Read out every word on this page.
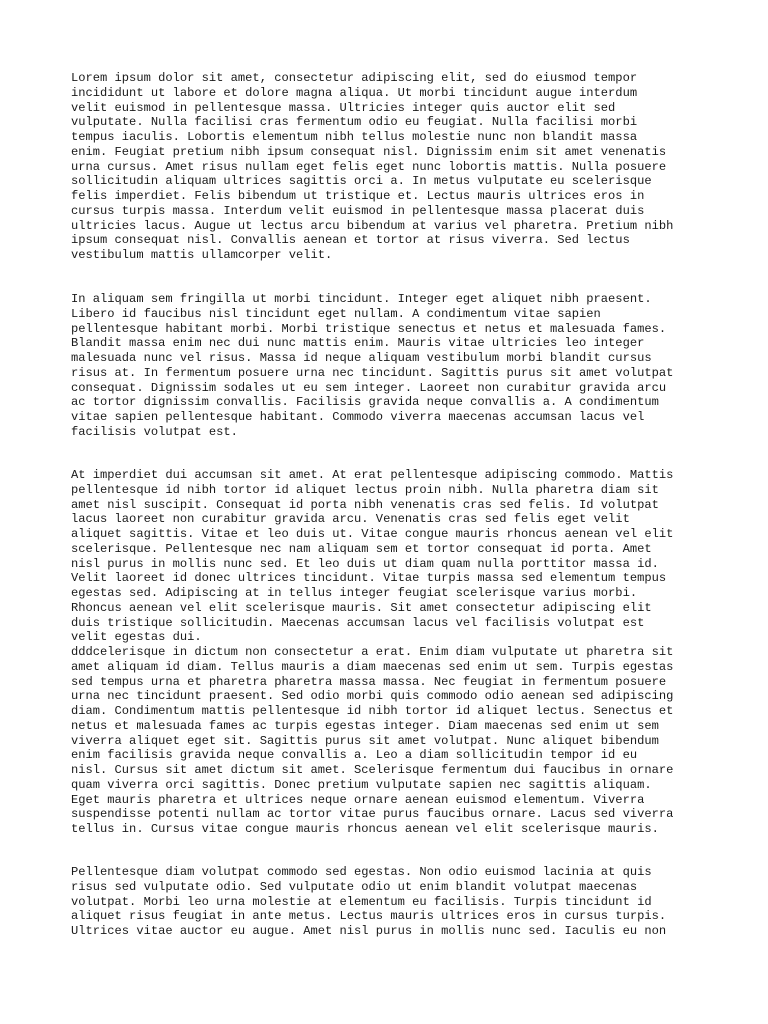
Lorem ipsum dolor sit amet, consectetur adipiscing elit, sed do eiusmod tempor
incididunt ut labore et dolore magna aliqua. Ut morbi tincidunt augue interdum
velit euismod in pellentesque massa. Ultricies integer quis auctor elit sed
vulputate. Nulla facilisi cras fermentum odio eu feugiat. Nulla facilisi morbi
tempus iaculis. Lobortis elementum nibh tellus molestie nunc non blandit massa
enim. Feugiat pretium nibh ipsum consequat nisl. Dignissim enim sit amet venenatis
urna cursus. Amet risus nullam eget felis eget nunc lobortis mattis. Nulla posuere
sollicitudin aliquam ultrices sagittis orci a. In metus vulputate eu scelerisque
felis imperdiet. Felis bibendum ut tristique et. Lectus mauris ultrices eros in
cursus turpis massa. Interdum velit euismod in pellentesque massa placerat duis
ultricies lacus. Augue ut lectus arcu bibendum at varius vel pharetra. Pretium nibh
ipsum consequat nisl. Convallis aenean et tortor at risus viverra. Sed lectus
vestibulum mattis ullamcorper velit.

In aliquam sem fringilla ut morbi tincidunt. Integer eget aliquet nibh praesent.
Libero id faucibus nisl tincidunt eget nullam. A condimentum vitae sapien
pellentesque habitant morbi. Morbi tristique senectus et netus et malesuada fames.
Blandit massa enim nec dui nunc mattis enim. Mauris vitae ultricies leo integer
malesuada nunc vel risus. Massa id neque aliquam vestibulum morbi blandit cursus
risus at. In fermentum posuere urna nec tincidunt. Sagittis purus sit amet volutpat
consequat. Dignissim sodales ut eu sem integer. Laoreet non curabitur gravida arcu
ac tortor dignissim convallis. Facilisis gravida neque convallis a. A condimentum
vitae sapien pellentesque habitant. Commodo viverra maecenas accumsan lacus vel
facilisis volutpat est.

At imperdiet dui accumsan sit amet. At erat pellentesque adipiscing commodo. Mattis
pellentesque id nibh tortor id aliquet lectus proin nibh. Nulla pharetra diam sit
amet nisl suscipit. Consequat id porta nibh venenatis cras sed felis. Id volutpat
lacus laoreet non curabitur gravida arcu. Venenatis cras sed felis eget velit
aliquet sagittis. Vitae et leo duis ut. Vitae congue mauris rhoncus aenean vel elit
scelerisque. Pellentesque nec nam aliquam sem et tortor consequat id porta. Amet
nisl purus in mollis nunc sed. Et leo duis ut diam quam nulla porttitor massa id.
Velit laoreet id donec ultrices tincidunt. Vitae turpis massa sed elementum tempus
egestas sed. Adipiscing at in tellus integer feugiat scelerisque varius morbi.
Rhoncus aenean vel elit scelerisque mauris. Sit amet consectetur adipiscing elit
duis tristique sollicitudin. Maecenas accumsan lacus vel facilisis volutpat est
velit egestas dui.
dddcelerisque in dictum non consectetur a erat. Enim diam vulputate ut pharetra sit
amet aliquam id diam. Tellus mauris a diam maecenas sed enim ut sem. Turpis egestas
sed tempus urna et pharetra pharetra massa massa. Nec feugiat in fermentum posuere
urna nec tincidunt praesent. Sed odio morbi quis commodo odio aenean sed adipiscing
diam. Condimentum mattis pellentesque id nibh tortor id aliquet lectus. Senectus et
netus et malesuada fames ac turpis egestas integer. Diam maecenas sed enim ut sem
viverra aliquet eget sit. Sagittis purus sit amet volutpat. Nunc aliquet bibendum
enim facilisis gravida neque convallis a. Leo a diam sollicitudin tempor id eu
nisl. Cursus sit amet dictum sit amet. Scelerisque fermentum dui faucibus in ornare
quam viverra orci sagittis. Donec pretium vulputate sapien nec sagittis aliquam.
Eget mauris pharetra et ultrices neque ornare aenean euismod elementum. Viverra
suspendisse potenti nullam ac tortor vitae purus faucibus ornare. Lacus sed viverra
tellus in. Cursus vitae congue mauris rhoncus aenean vel elit scelerisque mauris.

Pellentesque diam volutpat commodo sed egestas. Non odio euismod lacinia at quis
risus sed vulputate odio. Sed vulputate odio ut enim blandit volutpat maecenas
volutpat. Morbi leo urna molestie at elementum eu facilisis. Turpis tincidunt id
aliquet risus feugiat in ante metus. Lectus mauris ultrices eros in cursus turpis.
Ultrices vitae auctor eu augue. Amet nisl purus in mollis nunc sed. Iaculis eu non
